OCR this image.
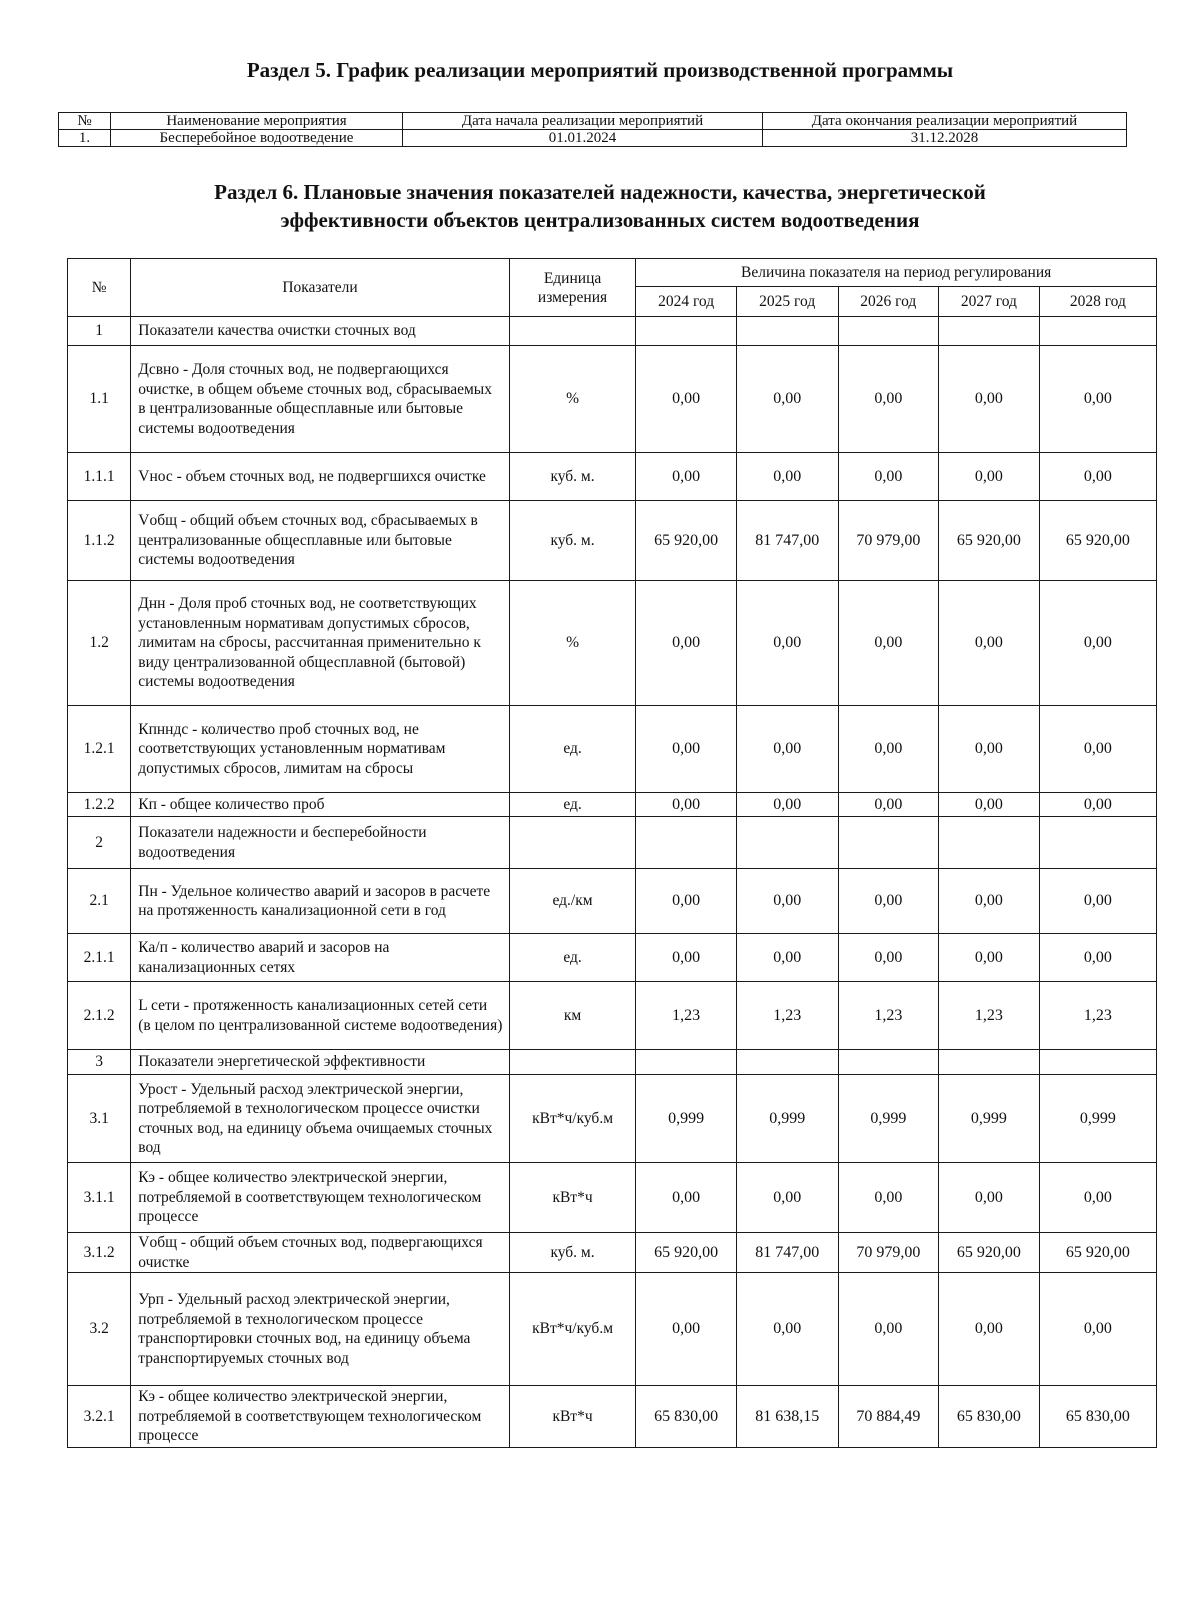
Раздел 5. График реализации мероприятий производственной программы
№	Наименование мероприятия	Дата начала реализации мероприятий	Дата окончания реализации мероприятий
1.	Бесперебойное водоотведение	01.01.2024	31.12.2028
Раздел 6. Плановые значения показателей надежности, качества, энергетической
эффективности объектов централизованных систем водоотведения
№	Показатели	Единица измерения	Величина показателя на период регулирования				
			2024 год	2025 год	2026 год	2027 год	2028 год
1	Показатели качества очистки сточных вод						
1.1	Дсвно - Доля сточных вод, не подвергающихся очистке, в общем объеме сточных вод, сбрасываемых в централизованные общесплавные или бытовые системы водоотведения	%	0,00	0,00	0,00	0,00	0,00
1.1.1	Vнос - объем сточных вод, не подвергшихся очистке	куб. м.	0,00	0,00	0,00	0,00	0,00
1.1.2	Vобщ - общий объем сточных вод, сбрасываемых в централизованные общесплавные или бытовые системы водоотведения	куб. м.	65 920,00	81 747,00	70 979,00	65 920,00	65 920,00
1.2	Днн - Доля проб сточных вод, не соответствующих установленным нормативам допустимых сбросов, лимитам на сбросы, рассчитанная применительно к виду централизованной общесплавной (бытовой) системы водоотведения	%	0,00	0,00	0,00	0,00	0,00
1.2.1	Кпнндс - количество проб сточных вод, не соответствующих установленным нормативам допустимых сбросов, лимитам на сбросы	ед.	0,00	0,00	0,00	0,00	0,00
1.2.2	Кп - общее количество проб	ед.	0,00	0,00	0,00	0,00	0,00
2	Показатели надежности и бесперебойности водоотведения						
2.1	Пн - Удельное количество аварий и засоров в расчете на протяженность канализационной сети в год	ед./км	0,00	0,00	0,00	0,00	0,00
2.1.1	Ка/п - количество аварий и засоров на канализационных сетях	ед.	0,00	0,00	0,00	0,00	0,00
2.1.2	L сети - протяженность канализационных сетей сети (в целом по централизованной системе водоотведения)	км	1,23	1,23	1,23	1,23	1,23
3	Показатели энергетической эффективности						
3.1	Урост - Удельный расход электрической энергии, потребляемой в технологическом процессе очистки сточных вод, на единицу объема очищаемых сточных вод	кВт*ч/куб.м	0,999	0,999	0,999	0,999	0,999
3.1.1	Кэ - общее количество электрической энергии, потребляемой в соответствующем технологическом процессе	кВт*ч	0,00	0,00	0,00	0,00	0,00
3.1.2	Vобщ - общий объем сточных вод, подвергающихся очистке	куб. м.	65 920,00	81 747,00	70 979,00	65 920,00	65 920,00
3.2	Урп - Удельный расход электрической энергии, потребляемой в технологическом процессе транспортировки сточных вод, на единицу объема транспортируемых сточных вод	кВт*ч/куб.м	0,00	0,00	0,00	0,00	0,00
3.2.1	Кэ - общее количество электрической энергии, потребляемой в соответствующем технологическом процессе	кВт*ч	65 830,00	81 638,15	70 884,49	65 830,00	65 830,00
